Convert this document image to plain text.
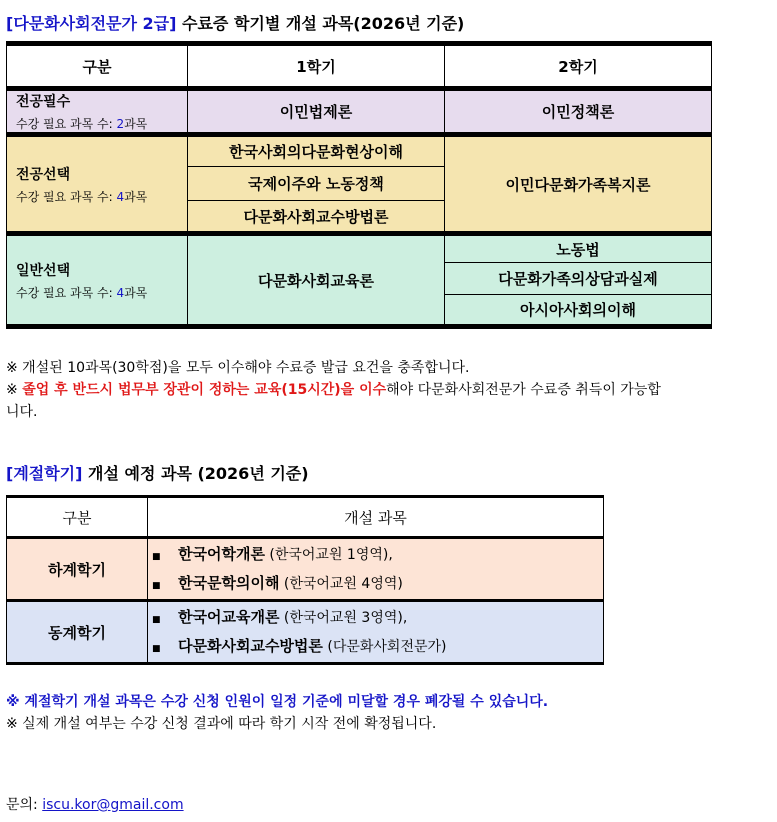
[다문화사회전문가 2급] 수료증 학기별 개설 과목(2026년 기준)
구분	1학기	2학기

전공필수
수강 필요 과목 수: 2과목	이민법제론	이민정책론

전공선택
수강 필요 과목 수: 4과목	한국사회의다문화현상이해	이민다문화가족복지론
	국제이주와 노동정책	
	다문화사회교수방법론	

일반선택
수강 필요 과목 수: 4과목	다문화사회교육론	노동법
		다문화가족의상담과실제
		아시아사회의이해
※ 개설된 10과목(30학점)을 모두 이수해야 수료증 발급 요건을 충족합니다.
※ 졸업 후 반드시 법무부 장관이 정하는 교육(15시간)을 이수해야 다문화사회전문가 수료증 취득이 가능합
니다.
[계절학기] 개설 예정 과목 (2026년 기준)
구분	개설 과목
하계학기	■ 한국어학개론 (한국어교원 1영역),
■ 한국문학의이해 (한국어교원 4영역)

동계학기	■ 한국어교육개론 (한국어교원 3영역),
■ 다문화사회교수방법론 (다문화사회전문가)
※ 계절학기 개설 과목은 수강 신청 인원이 일정 기준에 미달할 경우 폐강될 수 있습니다.
※ 실제 개설 여부는 수강 신청 결과에 따라 학기 시작 전에 확정됩니다.
문의: iscu.kor@gmail.com
